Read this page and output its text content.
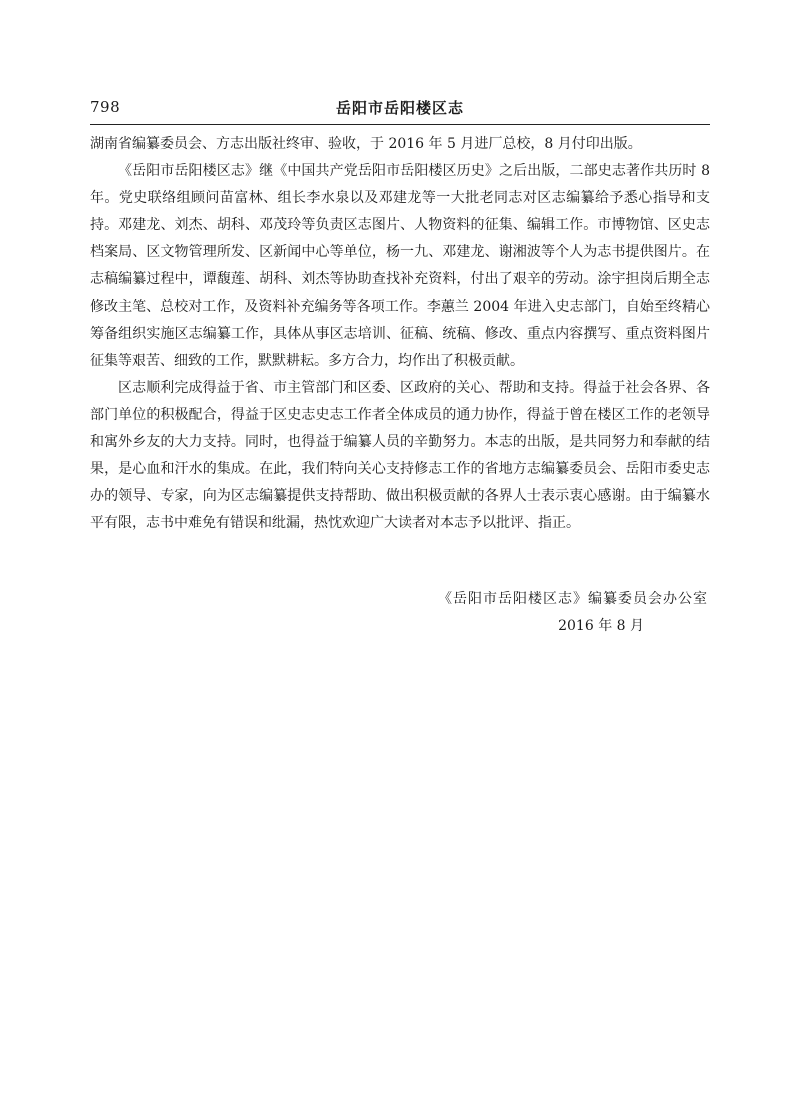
798	岳阳市岳阳楼区志

湖南省编纂委员会、方志出版社终审、验收，于 2016 年 5 月进厂总校，8 月付印出版。

《岳阳市岳阳楼区志》继《中国共产党岳阳市岳阳楼区历史》之后出版，二部史志著作共历时 8 年。党史联络组顾问苗富林、组长李水泉以及邓建龙等一大批老同志对区志编纂给予悉心指导和支持。邓建龙、刘杰、胡科、邓茂玲等负责区志图片、人物资料的征集、编辑工作。市博物馆、区史志档案局、区文物管理所发、区新闻中心等单位，杨一九、邓建龙、谢湘波等个人为志书提供图片。在志稿编纂过程中，谭馥莲、胡科、刘杰等协助查找补充资料，付出了艰辛的劳动。涂宇担岗后期全志修改主笔、总校对工作，及资料补充编务等各项工作。李蕙兰 2004 年进入史志部门，自始至终精心筹备组织实施区志编纂工作，具体从事区志培训、征稿、统稿、修改、重点内容撰写、重点资料图片征集等艰苦、细致的工作，默默耕耘。多方合力，均作出了积极贡献。

区志顺利完成得益于省、市主管部门和区委、区政府的关心、帮助和支持。得益于社会各界、各部门单位的积极配合，得益于区史志史志工作者全体成员的通力协作，得益于曾在楼区工作的老领导和寓外乡友的大力支持。同时，也得益于编纂人员的辛勤努力。本志的出版，是共同努力和奉献的结果，是心血和汗水的集成。在此，我们特向关心支持修志工作的省地方志编纂委员会、岳阳市委史志办的领导、专家，向为区志编纂提供支持帮助、做出积极贡献的各界人士表示衷心感谢。由于编纂水平有限，志书中难免有错误和纰漏，热忱欢迎广大读者对本志予以批评、指正。

《岳阳市岳阳楼区志》编纂委员会办公室
2016 年 8 月
